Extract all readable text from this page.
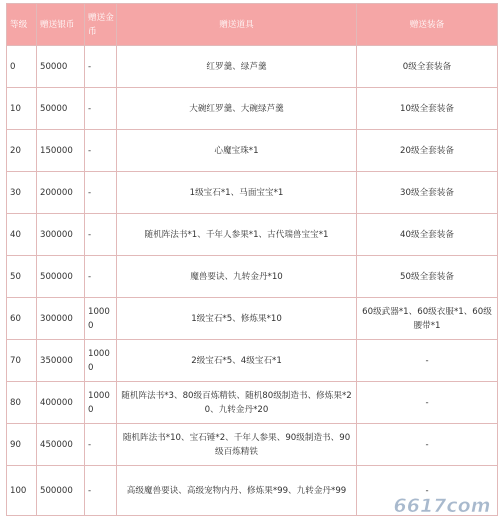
等级	赠送银币	赠送金币	赠送道具	赠送装备
0	50000	-	红罗羹、绿芦羹	0级全套装备
10	50000	-	大碗红罗羹、大碗绿芦羹	10级全套装备
20	150000	-	心魔宝珠*1	20级全套装备
30	200000	-	1级宝石*1、马面宝宝*1	30级全套装备
40	300000	-	随机阵法书*1、千年人参果*1、古代瑞兽宝宝*1	40级全套装备
50	500000	-	魔兽要诀、九转金丹*10	50级全套装备
60	300000	10000	1级宝石*5、修炼果*10	60级武器*1、60级衣服*1、60级腰带*1
70	350000	10000	2级宝石*5、4级宝石*1	-
80	400000	10000	随机阵法书*3、80级百炼精铁、随机80级制造书、修炼果*20、九转金丹*20	-
90	450000	-	随机阵法书*10、宝石锤*2、千年人参果、90级制造书、90级百炼精铁	-
100	500000	-	高级魔兽要诀、高级宠物内丹、修炼果*99、九转金丹*99	-
6617com
